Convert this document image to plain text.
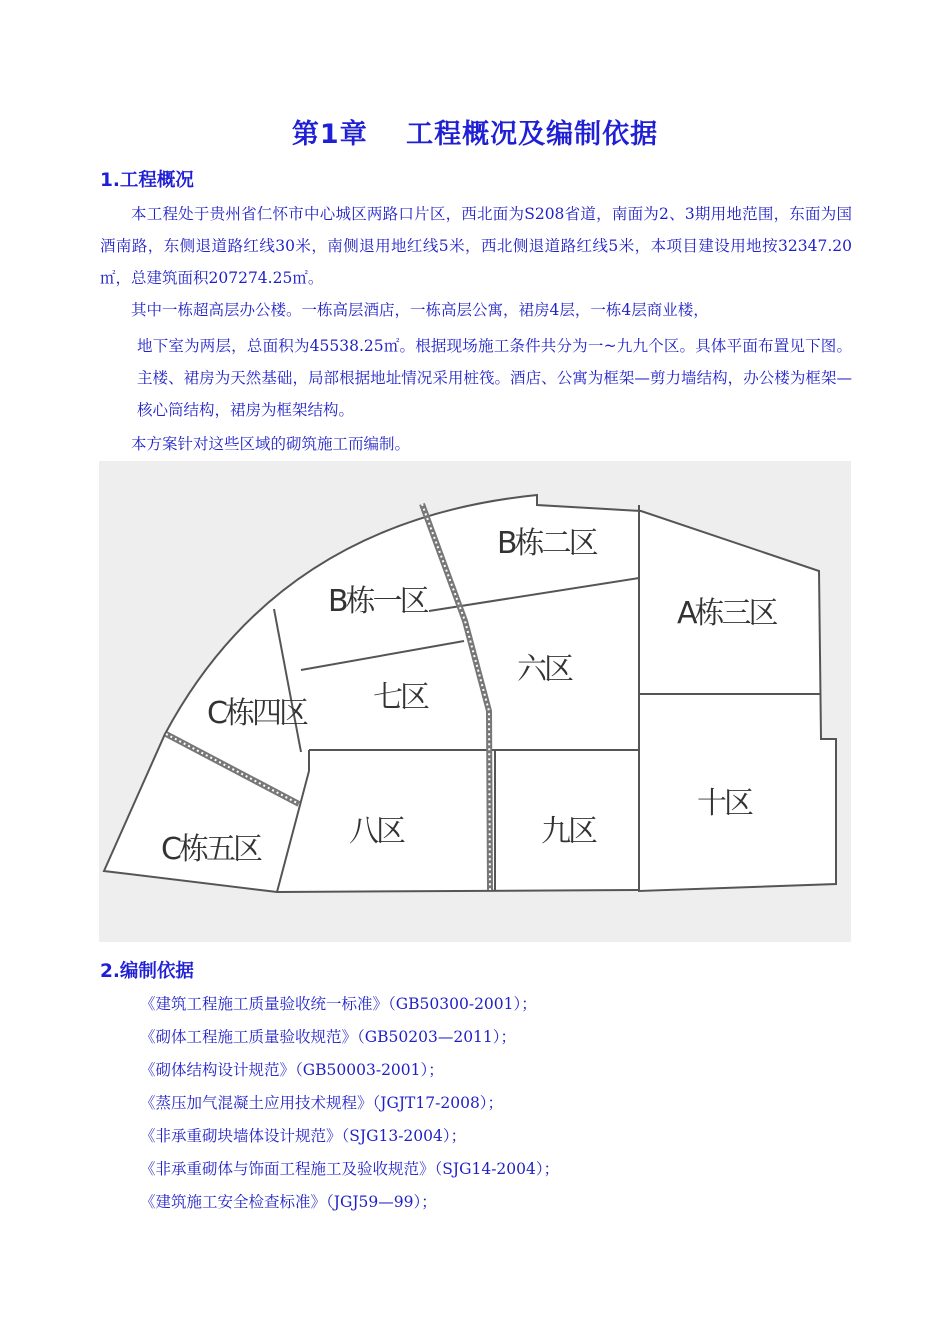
第1章　 工程概况及编制依据
1.工程概况

本工程处于贵州省仁怀市中心城区两路口片区，西北面为S208省道，南面为2、3期用地范围，东面为国酒南路，东侧退道路红线30米，南侧退用地红线5米，西北侧退道路红线5米，本项目建设用地按32347.20㎡，总建筑面积207274.25㎡。

其中一栋超高层办公楼。一栋高层酒店，一栋高层公寓，裙房4层，一栋4层商业楼，

地下室为两层，总面积为45538.25㎡。根据现场施工条件共分为一~九九个区。具体平面布置见下图。主楼、裙房为天然基础，局部根据地址情况采用桩筏。酒店、公寓为框架—剪力墙结构，办公楼为框架—核心筒结构，裙房为框架结构。

本方案针对这些区域的砌筑施工而编制。

B栋二区
B栋一区	A栋三区
六区
七区
C栋四区
十区
八区	九区
C栋五区
2.编制依据
《建筑工程施工质量验收统一标准》（GB50300-2001）；
《砌体工程施工质量验收规范》（GB50203—2011）；
《砌体结构设计规范》（GB50003-2001）；
《蒸压加气混凝土应用技术规程》（JGJT17-2008）；
《非承重砌块墙体设计规范》（SJG13-2004）；
《非承重砌体与饰面工程施工及验收规范》（SJG14-2004）；
《建筑施工安全检查标准》（JGJ59—99）；
